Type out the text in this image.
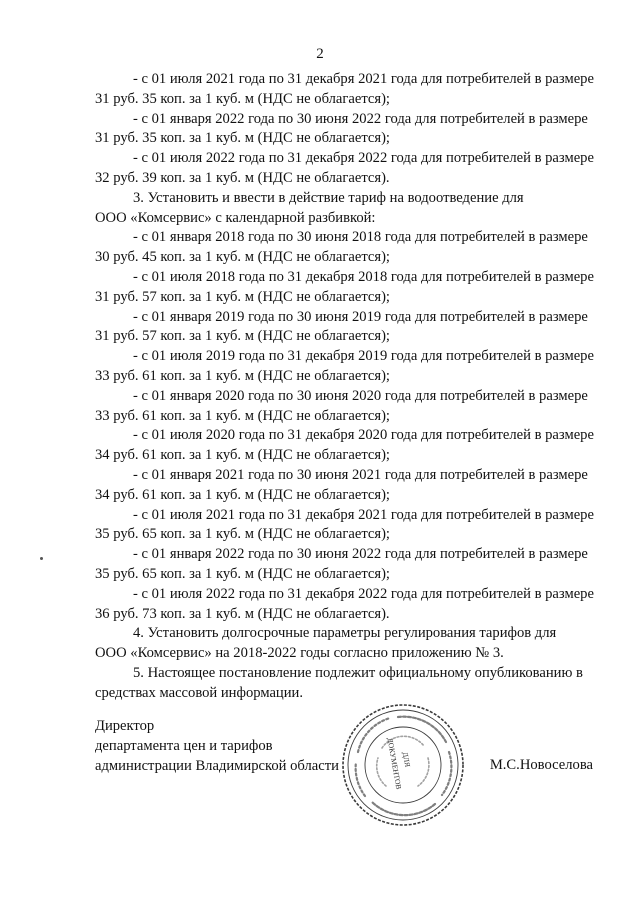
2
- с 01 июля 2021 года по 31 декабря 2021 года для потребителей в размере
31 руб. 35 коп. за 1 куб. м (НДС не облагается);
- с 01 января 2022 года по 30 июня 2022 года для потребителей в размере
31 руб. 35 коп. за 1 куб. м (НДС не облагается);
- с 01 июля 2022 года по 31 декабря 2022 года для потребителей в размере
32 руб. 39 коп. за 1 куб. м (НДС не облагается).
3. Установить и ввести в действие тариф на водоотведение для
ООО «Комсервис» с календарной разбивкой:
- с 01 января 2018 года по 30 июня 2018 года для потребителей в размере
30 руб. 45 коп. за 1 куб. м (НДС не облагается);
- с 01 июля 2018 года по 31 декабря 2018 года для потребителей в размере
31 руб. 57 коп. за 1 куб. м (НДС не облагается);
- с 01 января 2019 года по 30 июня 2019 года для потребителей в размере
31 руб. 57 коп. за 1 куб. м (НДС не облагается);
- с 01 июля 2019 года по 31 декабря 2019 года для потребителей в размере
33 руб. 61 коп. за 1 куб. м (НДС не облагается);
- с 01 января 2020 года по 30 июня 2020 года для потребителей в размере
33 руб. 61 коп. за 1 куб. м (НДС не облагается);
- с 01 июля 2020 года по 31 декабря 2020 года для потребителей в размере
34 руб. 61 коп. за 1 куб. м (НДС не облагается);
- с 01 января 2021 года по 30 июня 2021 года для потребителей в размере
34 руб. 61 коп. за 1 куб. м (НДС не облагается);
- с 01 июля 2021 года по 31 декабря 2021 года для потребителей в размере
35 руб. 65 коп. за 1 куб. м (НДС не облагается);
- с 01 января 2022 года по 30 июня 2022 года для потребителей в размере
35 руб. 65 коп. за 1 куб. м (НДС не облагается);
- с 01 июля 2022 года по 31 декабря 2022 года для потребителей в размере
36 руб. 73 коп. за 1 куб. м (НДС не облагается).
4. Установить долгосрочные параметры регулирования тарифов для
ООО «Комсервис» на 2018-2022 годы согласно приложению № 3.
5. Настоящее постановление подлежит официальному опубликованию в
средствах массовой информации.
ДЛЯ
ДОКУМЕНТОВ
Директор
департамента цен и тарифов
администрации Владимирской области	М.С.Новоселова
